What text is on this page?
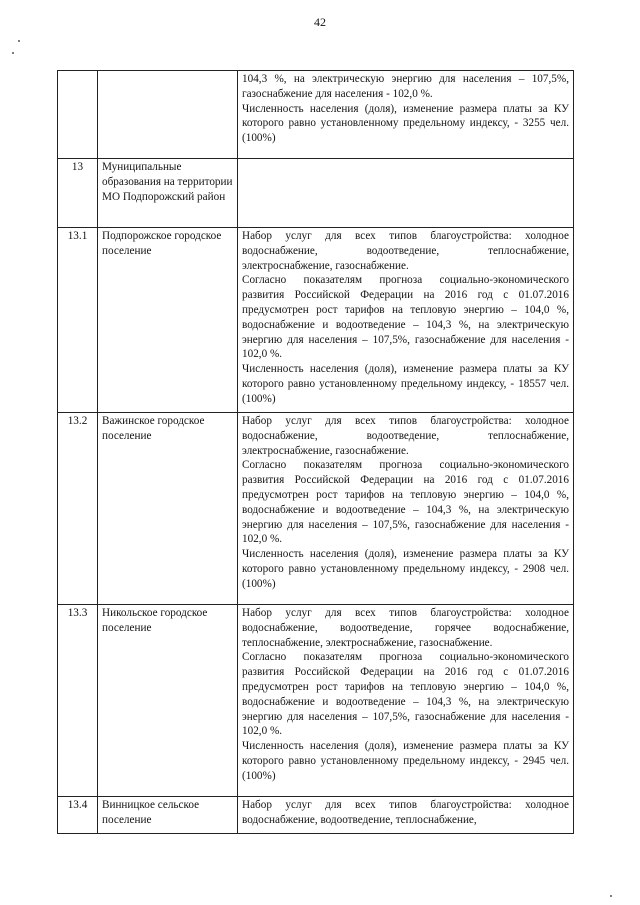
42

		104,3 %, на электрическую энергию для населения – 107,5%, газоснабжение для населения - 102,0 %.
Численность населения (доля), изменение размера платы за КУ которого равно установленному предельному индексу, - 3255 чел. (100%)

13	Муниципальные образования на территории МО Подпорожский район	
13.1	Подпорожское городское поселение	Набор услуг для всех типов благоустройства: холодное водоснабжение, водоотведение, теплоснабжение, электроснабжение, газоснабжение.
Согласно показателям прогноза социально-экономического развития Российской Федерации на 2016 год с 01.07.2016 предусмотрен рост тарифов на тепловую энергию – 104,0 %, водоснабжение и водоотведение – 104,3 %, на электрическую энергию для населения – 107,5%, газоснабжение для населения - 102,0 %.
Численность населения (доля), изменение размера платы за КУ которого равно установленному предельному индексу, - 18557 чел. (100%)

13.2	Важинское городское поселение	Набор услуг для всех типов благоустройства: холодное водоснабжение, водоотведение, теплоснабжение, электроснабжение, газоснабжение.
Согласно показателям прогноза социально-экономического развития Российской Федерации на 2016 год с 01.07.2016 предусмотрен рост тарифов на тепловую энергию – 104,0 %, водоснабжение и водоотведение – 104,3 %, на электрическую энергию для населения – 107,5%, газоснабжение для населения - 102,0 %.
Численность населения (доля), изменение размера платы за КУ которого равно установленному предельному индексу, - 2908 чел. (100%)

13.3	Никольское городское поселение	Набор услуг для всех типов благоустройства: холодное водоснабжение, водоотведение, горячее водоснабжение, теплоснабжение, электроснабжение, газоснабжение.
Согласно показателям прогноза социально-экономического развития Российской Федерации на 2016 год с 01.07.2016 предусмотрен рост тарифов на тепловую энергию – 104,0 %, водоснабжение и водоотведение – 104,3 %, на электрическую энергию для населения – 107,5%, газоснабжение для населения - 102,0 %.
Численность населения (доля), изменение размера платы за КУ которого равно установленному предельному индексу, - 2945 чел. (100%)

13.4	Винницкое сельское поселение	Набор услуг для всех типов благоустройства: холодное водоснабжение, водоотведение, теплоснабжение,
